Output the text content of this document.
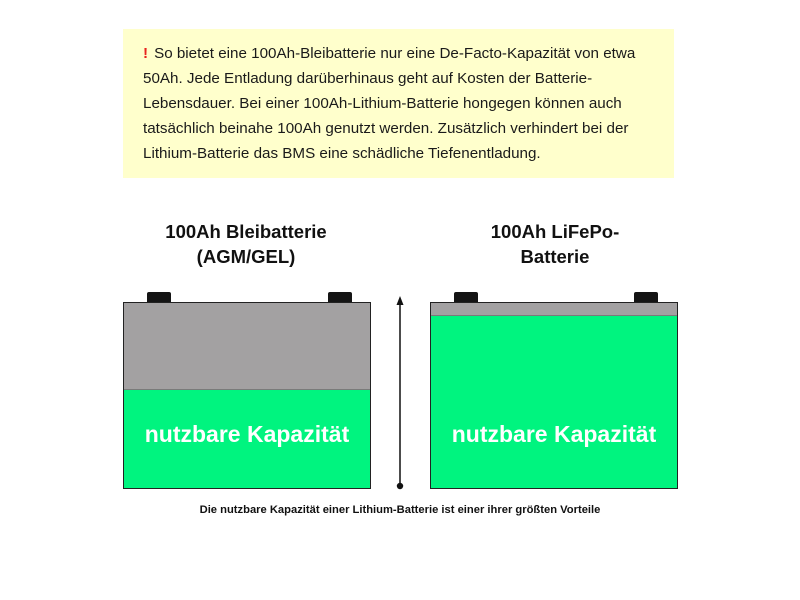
! So bietet eine 100Ah-Bleibatterie nur eine De-Facto-Kapazität von etwa
50Ah. Jede Entladung darüberhinaus geht auf Kosten der Batterie-
Lebensdauer. Bei einer 100Ah-Lithium-Batterie hongegen können auch
tatsächlich beinahe 100Ah genutzt werden. Zusätzlich verhindert bei der
Lithium-Batterie das BMS eine schädliche Tiefenentladung.
100Ah Bleibatterie
(AGM/GEL)
100Ah LiFePo-
Batterie
nutzbare Kapazität	nutzbare Kapazität
Die nutzbare Kapazität einer Lithium-Batterie ist einer ihrer größten Vorteile
